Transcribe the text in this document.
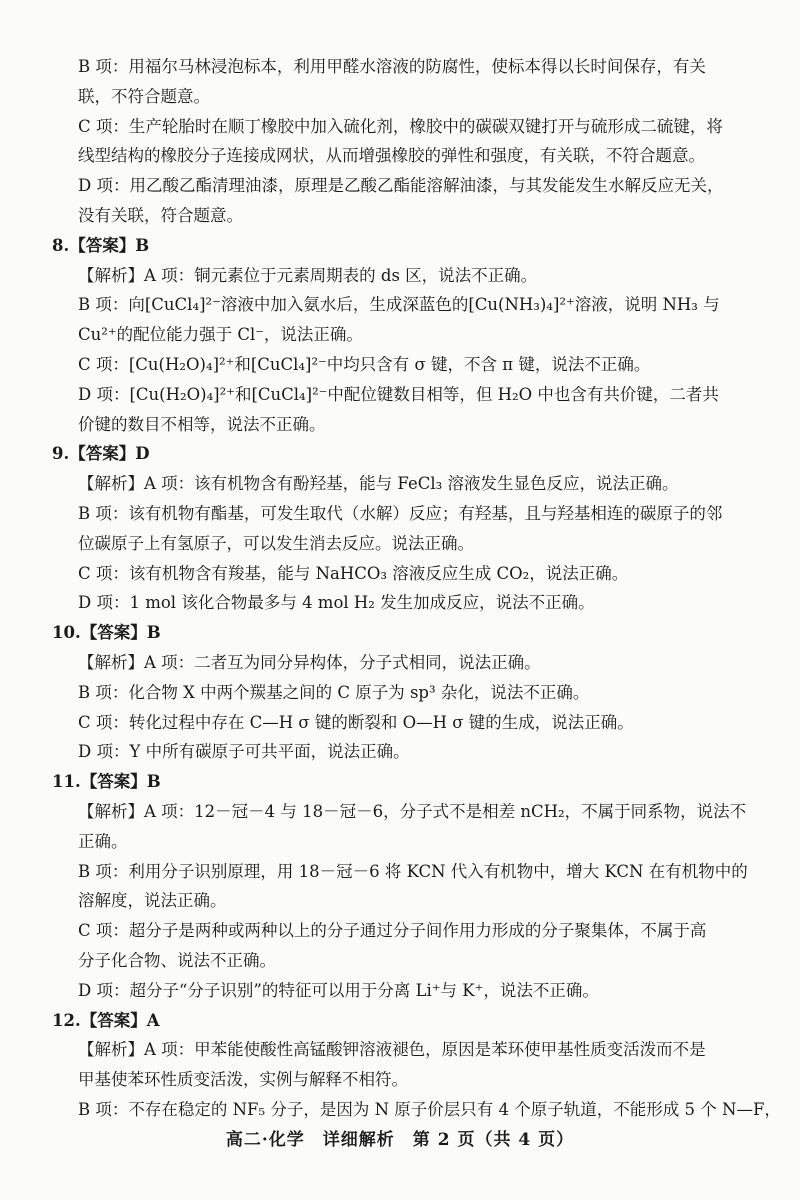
B 项：用福尔马林浸泡标本，利用甲醛水溶液的防腐性，使标本得以长时间保存，有关
联，不符合题意。
C 项：生产轮胎时在顺丁橡胶中加入硫化剂，橡胶中的碳碳双键打开与硫形成二硫键，将
线型结构的橡胶分子连接成网状，从而增强橡胶的弹性和强度，有关联，不符合题意。
D 项：用乙酸乙酯清理油漆，原理是乙酸乙酯能溶解油漆，与其发能发生水解反应无关，
没有关联，符合题意。
8.【答案】B
【解析】A 项：铜元素位于元素周期表的 ds 区，说法不正确。
B 项：向[CuCl₄]²⁻溶液中加入氨水后，生成深蓝色的[Cu(NH₃)₄]²⁺溶液，说明 NH₃ 与
Cu²⁺的配位能力强于 Cl⁻，说法正确。
C 项：[Cu(H₂O)₄]²⁺和[CuCl₄]²⁻中均只含有 σ 键，不含 π 键，说法不正确。
D 项：[Cu(H₂O)₄]²⁺和[CuCl₄]²⁻中配位键数目相等，但 H₂O 中也含有共价键，二者共
价键的数目不相等，说法不正确。
9.【答案】D
【解析】A 项：该有机物含有酚羟基，能与 FeCl₃ 溶液发生显色反应，说法正确。
B 项：该有机物有酯基，可发生取代（水解）反应；有羟基，且与羟基相连的碳原子的邻
位碳原子上有氢原子，可以发生消去反应。说法正确。
C 项：该有机物含有羧基，能与 NaHCO₃ 溶液反应生成 CO₂，说法正确。
D 项：1 mol 该化合物最多与 4 mol H₂ 发生加成反应，说法不正确。
10.【答案】B
【解析】A 项：二者互为同分异构体，分子式相同，说法正确。
B 项：化合物 X 中两个羰基之间的 C 原子为 sp³ 杂化，说法不正确。
C 项：转化过程中存在 C—H σ 键的断裂和 O—H σ 键的生成，说法正确。
D 项：Y 中所有碳原子可共平面，说法正确。
11.【答案】B
【解析】A 项：12－冠－4 与 18－冠－6，分子式不是相差 nCH₂，不属于同系物，说法不
正确。
B 项：利用分子识别原理，用 18－冠－6 将 KCN 代入有机物中，增大 KCN 在有机物中的
溶解度，说法正确。
C 项：超分子是两种或两种以上的分子通过分子间作用力形成的分子聚集体，不属于高
分子化合物、说法不正确。
D 项：超分子“分子识别”的特征可以用于分离 Li⁺与 K⁺，说法不正确。
12.【答案】A
【解析】A 项：甲苯能使酸性高锰酸钾溶液褪色，原因是苯环使甲基性质变活泼而不是
甲基使苯环性质变活泼，实例与解释不相符。
B 项：不存在稳定的 NF₅ 分子，是因为 N 原子价层只有 4 个原子轨道，不能形成 5 个 N—F，
高二·化学　详细解析　第 2 页（共 4 页）
